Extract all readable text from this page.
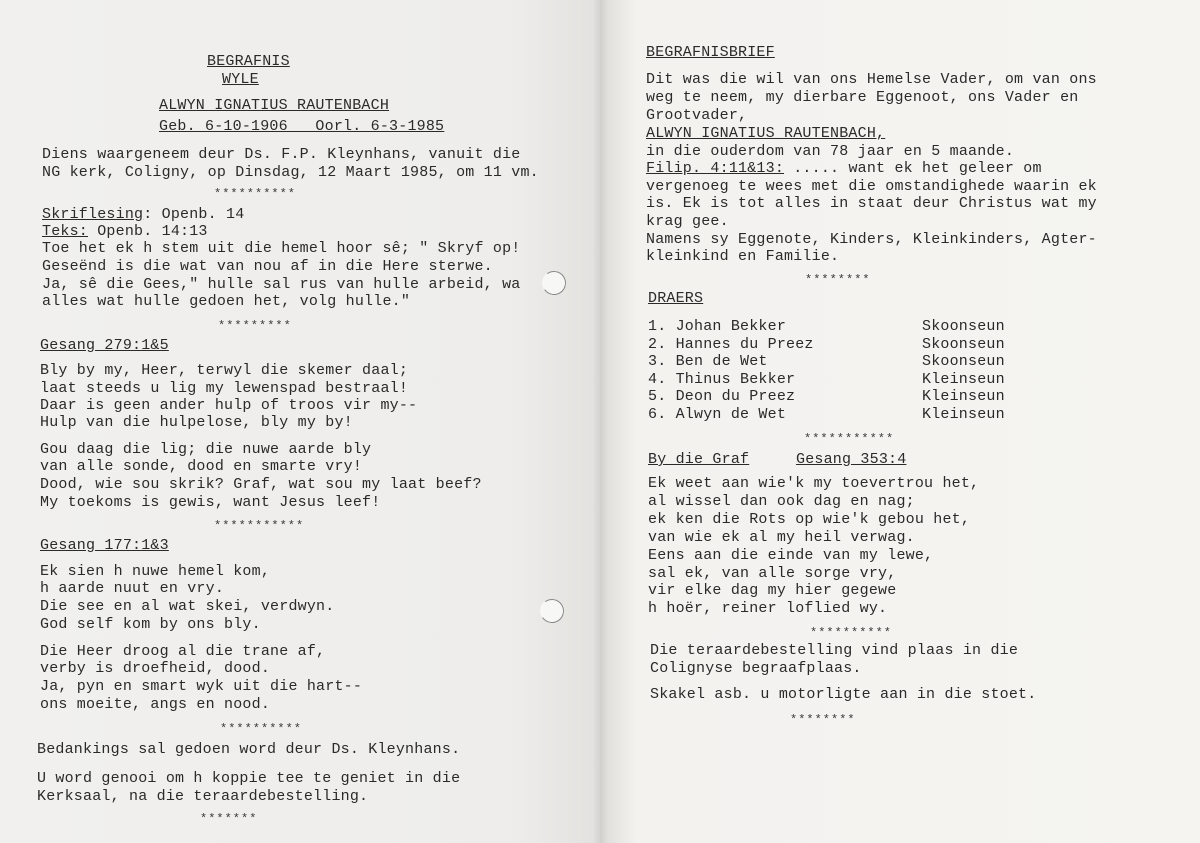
BEGRAFNIS
WYLE
ALWYN IGNATIUS RAUTENBACH
Geb. 6-10-1906   Oorl. 6-3-1985
Diens waargeneem deur Ds. F.P. Kleynhans, vanuit die
NG kerk, Coligny, op Dinsdag, 12 Maart 1985, om 11 vm.
**********
Skriflesing: Openb. 14
Teks: Openb. 14:13
Toe het ek h stem uit die hemel hoor sê; " Skryf op!
Geseënd is die wat van nou af in die Here sterwe.
Ja, sê die Gees," hulle sal rus van hulle arbeid, wa
alles wat hulle gedoen het, volg hulle."
*********
Gesang 279:1&5
Bly by my, Heer, terwyl die skemer daal;
laat steeds u lig my lewenspad bestraal!
Daar is geen ander hulp of troos vir my--
Hulp van die hulpelose, bly my by!
Gou daag die lig; die nuwe aarde bly
van alle sonde, dood en smarte vry!
Dood, wie sou skrik? Graf, wat sou my laat beef?
My toekoms is gewis, want Jesus leef!
***********
Gesang 177:1&3
Ek sien h nuwe hemel kom,
h aarde nuut en vry.
Die see en al wat skei, verdwyn.
God self kom by ons bly.
Die Heer droog al die trane af,
verby is droefheid, dood.
Ja, pyn en smart wyk uit die hart--
ons moeite, angs en nood.
**********
Bedankings sal gedoen word deur Ds. Kleynhans.
U word genooi om h koppie tee te geniet in die
Kerksaal, na die teraardebestelling.
*******
BEGRAFNISBRIEF
Dit was die wil van ons Hemelse Vader, om van ons
weg te neem, my dierbare Eggenoot, ons Vader en
Grootvader,
ALWYN IGNATIUS RAUTENBACH,
in die ouderdom van 78 jaar en 5 maande.
Filip. 4:11&13: ..... want ek het geleer om
vergenoeg te wees met die omstandighede waarin ek
is. Ek is tot alles in staat deur Christus wat my
krag gee.
Namens sy Eggenote, Kinders, Kleinkinders, Agter-
kleinkind en Familie.
********
DRAERS
1. Johan Bekker	Skoonseun
2. Hannes du Preez	Skoonseun
3. Ben de Wet	Skoonseun
4. Thinus Bekker	Kleinseun
5. Deon du Preez	Kleinseun
6. Alwyn de Wet	Kleinseun
***********
By die Graf	Gesang 353:4
Ek weet aan wie'k my toevertrou het,
al wissel dan ook dag en nag;
ek ken die Rots op wie'k gebou het,
van wie ek al my heil verwag.
Eens aan die einde van my lewe,
sal ek, van alle sorge vry,
vir elke dag my hier gegewe
h hoër, reiner loflied wy.
**********
Die teraardebestelling vind plaas in die
Colignyse begraafplaas.
Skakel asb. u motorligte aan in die stoet.
********
